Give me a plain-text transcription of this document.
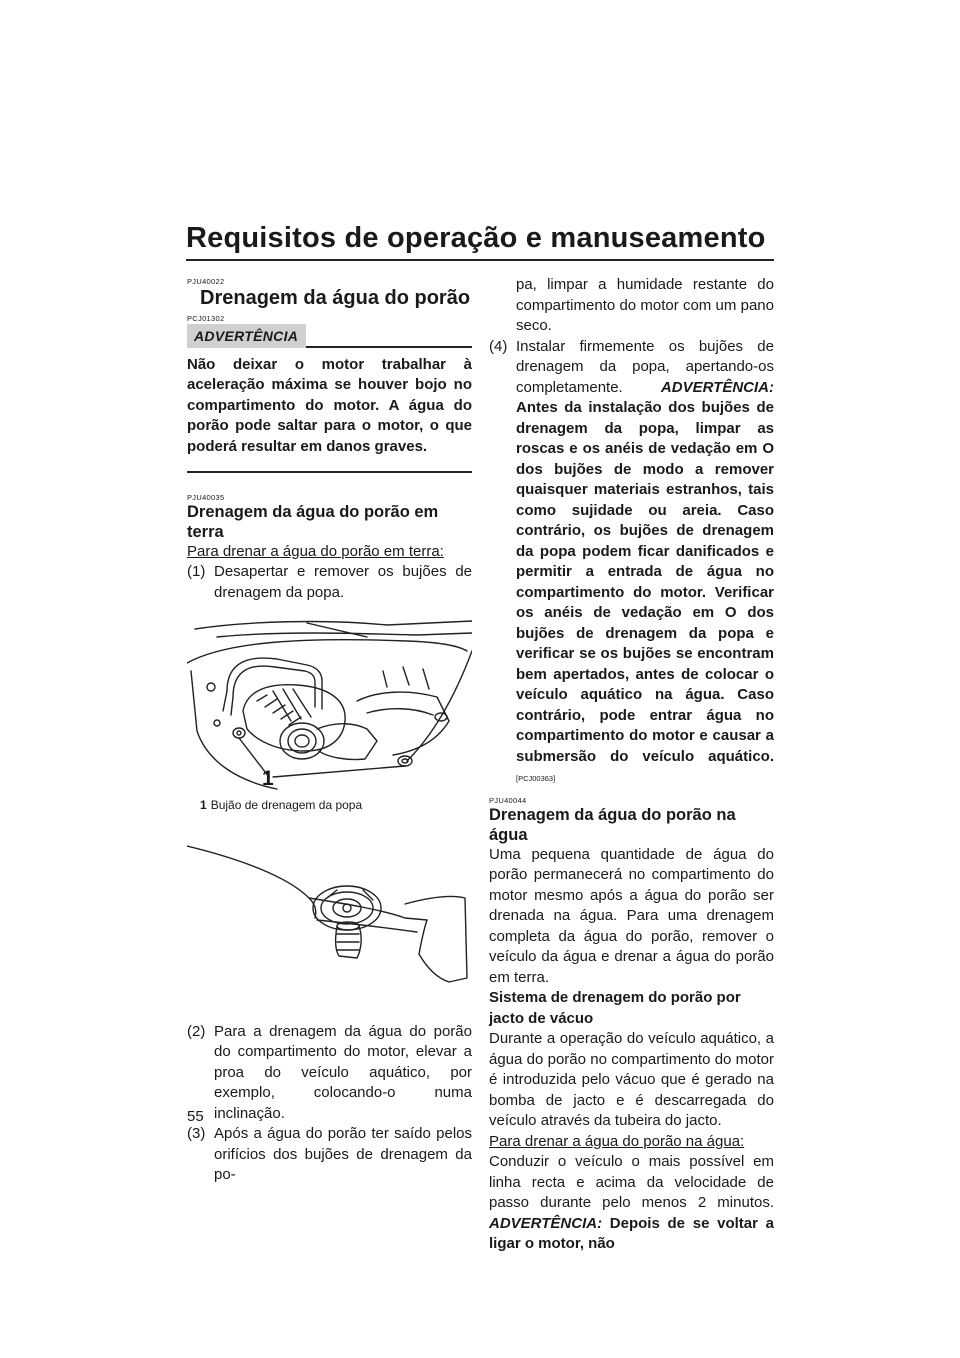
Requisitos de operação e manuseamento
55
PJU40022
Drenagem da água do porão
PCJ01302
ADVERTÊNCIA
Não deixar o motor trabalhar à aceleração máxima se houver bojo no compartimento do motor. A água do porão pode saltar para o motor, o que poderá resultar em danos graves.
PJU40035
Drenagem da água do porão em terra
Para drenar a água do porão em terra:
(1) Desapertar e remover os bujões de drenagem da popa.
1
1 Bujão de drenagem da popa
(2) Para a drenagem da água do porão do compartimento do motor, elevar a proa do veículo aquático, por exemplo, colocando-o numa inclinação.
(3) Após a água do porão ter saído pelos orifícios dos bujões de drenagem da po-
pa, limpar a humidade restante do compartimento do motor com um pano seco.
(4) Instalar firmemente os bujões de drenagem da popa, apertando-os completamente.	ADVERTÊNCIA: Antes da instalação dos bujões de drenagem da popa, limpar as roscas e os anéis de vedação em O dos bujões de modo a remover quaisquer materiais estranhos, tais como sujidade ou areia. Caso contrário, os bujões de drenagem da popa podem ficar danificados e permitir a entrada de água no compartimento do motor. Verificar os anéis de vedação em O dos bujões de drenagem da popa e verificar se os bujões se encontram bem apertados, antes de colocar o veículo aquático na água. Caso contrário, pode entrar água no compartimento do motor e causar a submersão do veículo aquático. [PCJ00363]
PJU40044
Drenagem da água do porão na água

Uma pequena quantidade de água do porão permanecerá no compartimento do motor mesmo após a água do porão ser drenada na água. Para uma drenagem completa da água do porão, remover o veículo da água e drenar a água do porão em terra.

Sistema de drenagem do porão por jacto de vácuo

Durante a operação do veículo aquático, a água do porão no compartimento do motor é introduzida pelo vácuo que é gerado na bomba de jacto e é descarregada do veículo através da tubeira do jacto.

Para drenar a água do porão na água:

Conduzir o veículo o mais possível em linha recta e acima da velocidade de passo durante pelo menos 2 minutos. ADVERTÊNCIA: Depois de se voltar a ligar o motor, não
